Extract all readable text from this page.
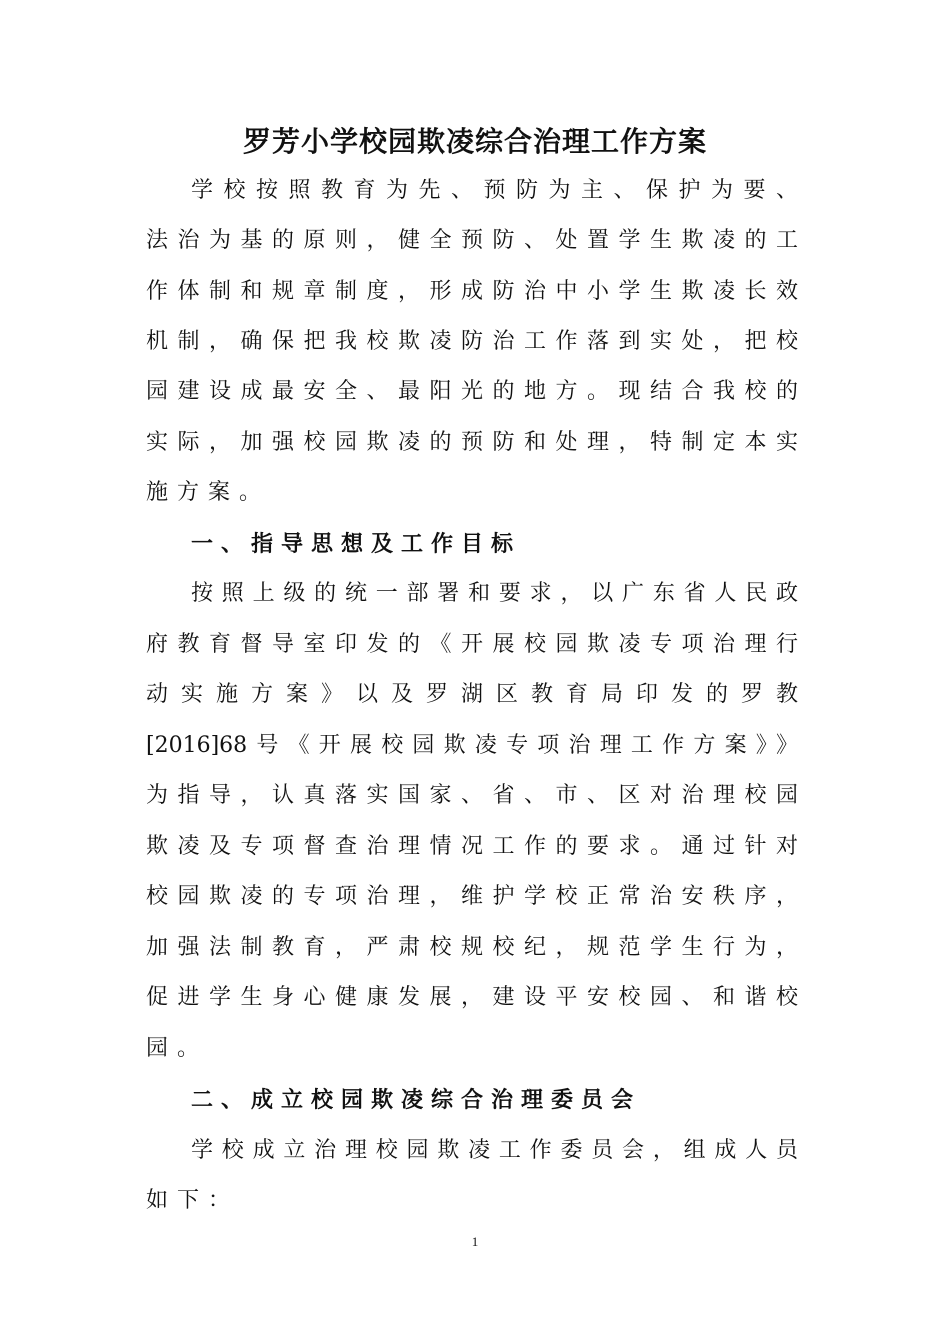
罗芳小学校园欺凌综合治理工作方案
学校按照教育为先、预防为主、保护为要、
法治为基的原则，健全预防、处置学生欺凌的工
作体制和规章制度，形成防治中小学生欺凌长效
机制，确保把我校欺凌防治工作落到实处，把校
园建设成最安全、最阳光的地方。现结合我校的
实际，加强校园欺凌的预防和处理，特制定本实
施方案。
一、指导思想及工作目标
按照上级的统一部署和要求，以广东省人民政
府教育督导室印发的《开展校园欺凌专项治理行
动实施方案》以及罗湖区教育局印发的罗教
[2016]68号《开展校园欺凌专项治理工作方案》》
为指导，认真落实国家、省、市、区对治理校园
欺凌及专项督查治理情况工作的要求。通过针对
校园欺凌的专项治理，维护学校正常治安秩序，
加强法制教育，严肃校规校纪，规范学生行为，
促进学生身心健康发展，建设平安校园、和谐校
园。
二、成立校园欺凌综合治理委员会
学校成立治理校园欺凌工作委员会，组成人员
如下：
1
